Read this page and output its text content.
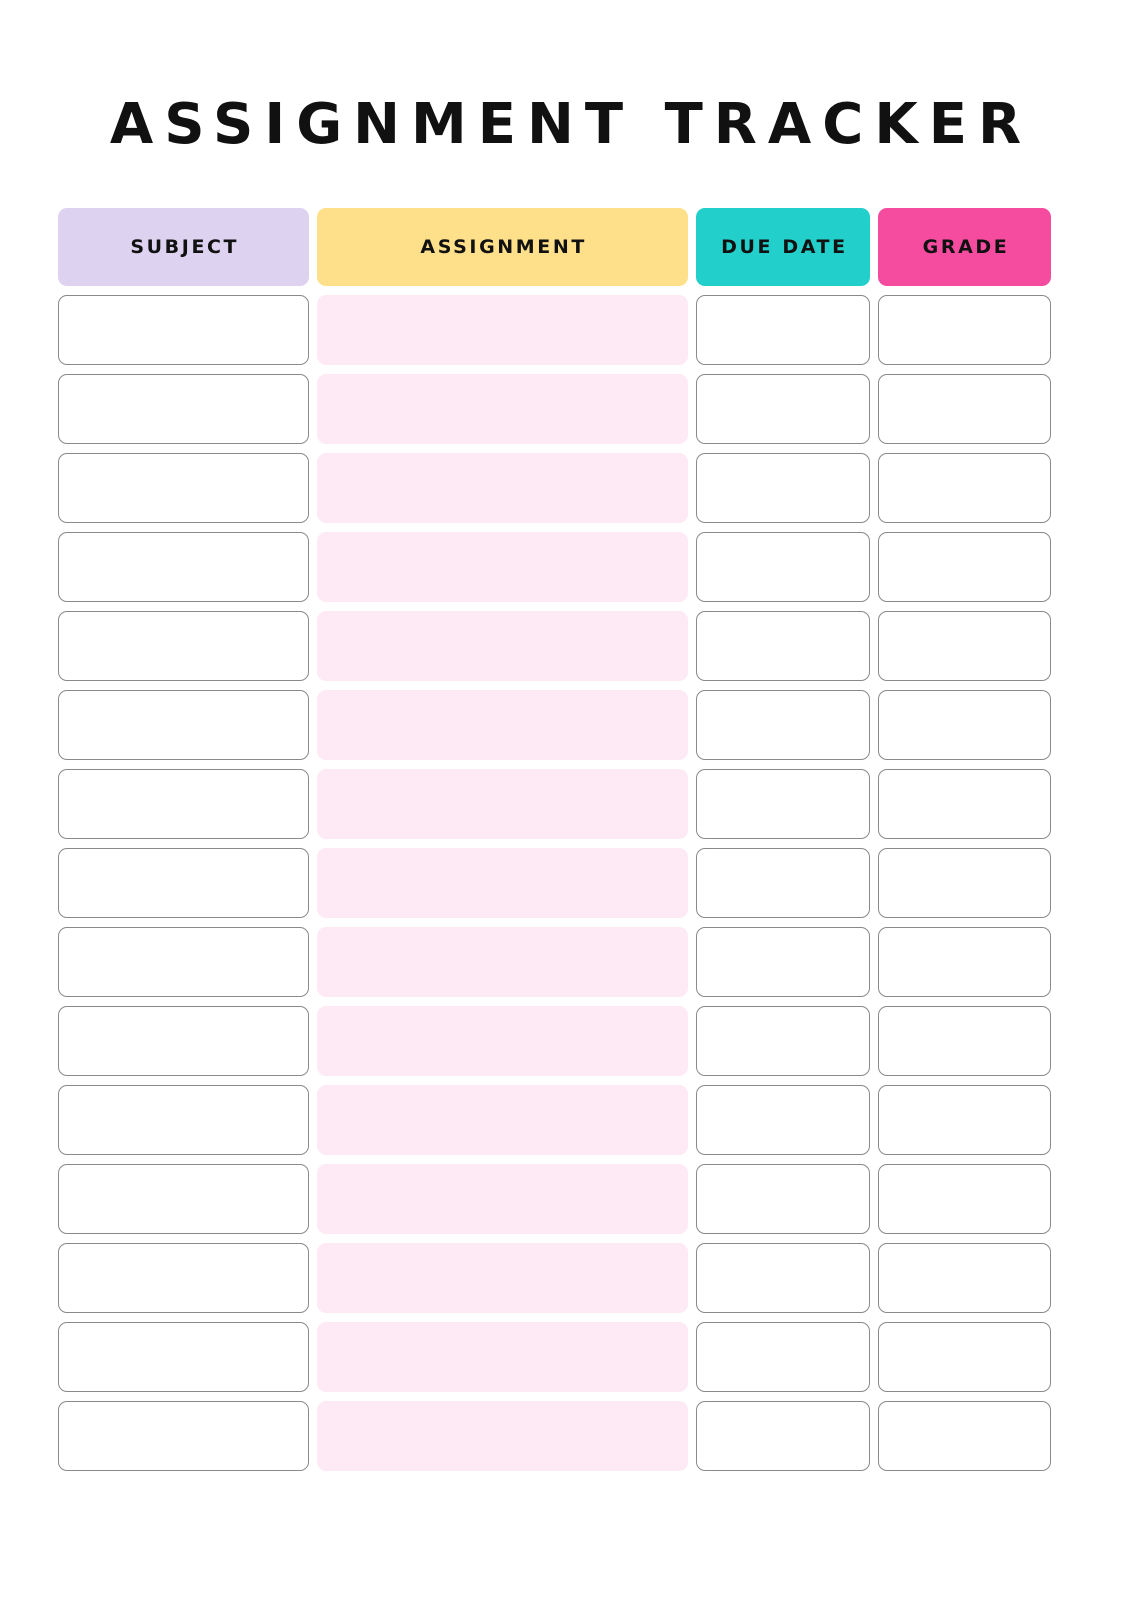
ASSIGNMENT TRACKER
SUBJECT	ASSIGNMENT	DUE DATE	GRADE
